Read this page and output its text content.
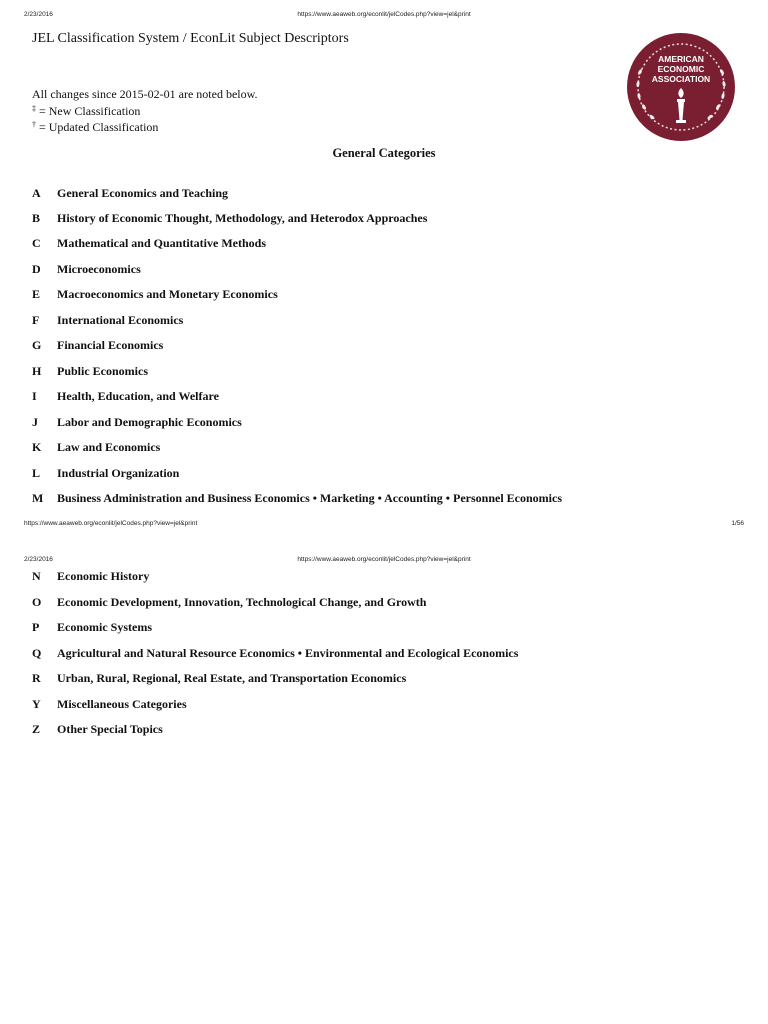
2/23/2016	https://www.aeaweb.org/econlit/jelCodes.php?view=jel&print
JEL Classification System / EconLit Subject Descriptors
All changes since 2015-02-01 are noted below.
‡ = New Classification
† = Updated Classification
AMERICAN
ECONOMIC
ASSOCIATION
General Categories
A General Economics and Teaching
B History of Economic Thought, Methodology, and Heterodox Approaches
C Mathematical and Quantitative Methods
D Microeconomics
E Macroeconomics and Monetary Economics
F International Economics
G Financial Economics
H Public Economics
I Health, Education, and Welfare
J Labor and Demographic Economics
K Law and Economics
L Industrial Organization
M Business Administration and Business Economics • Marketing • Accounting • Personnel Economics
https://www.aeaweb.org/econlit/jelCodes.php?view=jel&print	1/56
2/23/2016	https://www.aeaweb.org/econlit/jelCodes.php?view=jel&print
N Economic History
O Economic Development, Innovation, Technological Change, and Growth
P Economic Systems
Q Agricultural and Natural Resource Economics • Environmental and Ecological Economics
R Urban, Rural, Regional, Real Estate, and Transportation Economics
Y Miscellaneous Categories
Z Other Special Topics
